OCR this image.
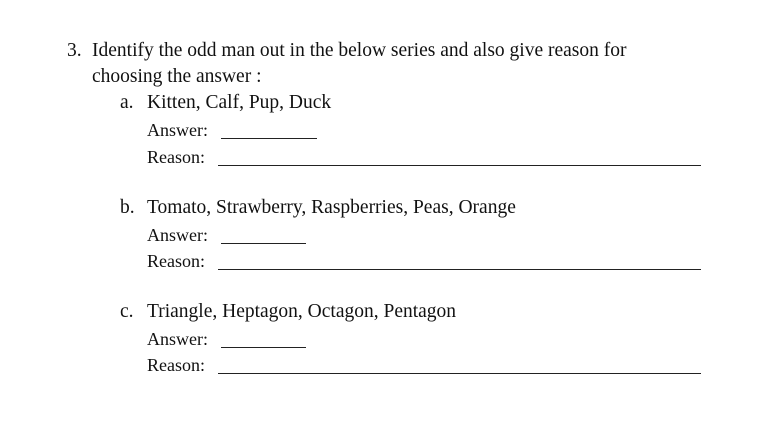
3. Identify the odd man out in the below series and also give reason for
choosing the answer :
a. Kitten, Calf, Pup, Duck
Answer:
Reason:
b. Tomato, Strawberry, Raspberries, Peas, Orange
Answer:
Reason:
c. Triangle, Heptagon, Octagon, Pentagon
Answer:
Reason:
